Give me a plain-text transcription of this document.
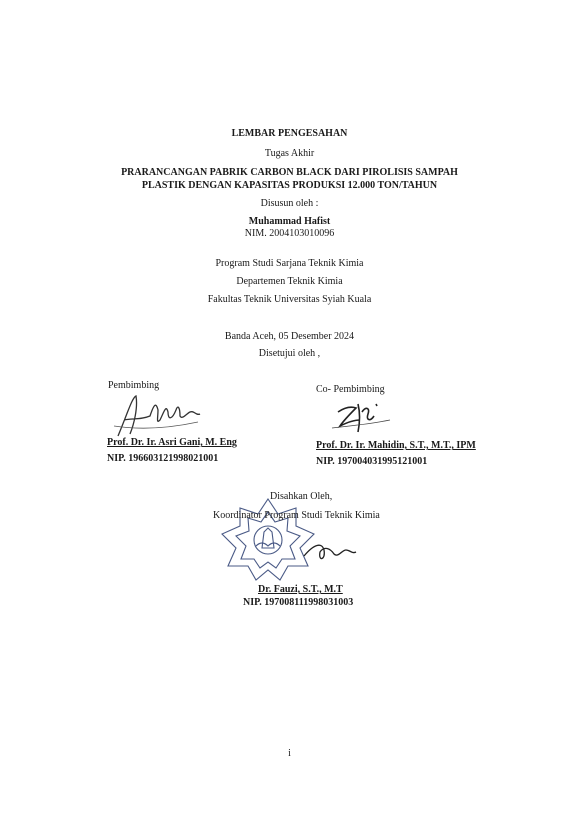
LEMBAR PENGESAHAN
Tugas Akhir
PRARANCANGAN PABRIK CARBON BLACK DARI PIROLISIS SAMPAH
PLASTIK DENGAN KAPASITAS PRODUKSI 12.000 TON/TAHUN
Disusun oleh :
Muhammad Hafist
NIM. 2004103010096
Program Studi Sarjana Teknik Kimia
Departemen Teknik Kimia
Fakultas Teknik Universitas Syiah Kuala
Banda Aceh, 05 Desember 2024
Disetujui oleh ,
Pembimbing
Prof. Dr. Ir. Asri Gani, M. Eng
NIP. 196603121998021001
Co- Pembimbing
Prof. Dr. Ir. Mahidin, S.T., M.T., IPM
NIP. 197004031995121001
Disahkan Oleh,
Koordinator Program Studi Teknik Kimia
Dr. Fauzi, S.T., M.T
NIP. 197008111998031003
i
